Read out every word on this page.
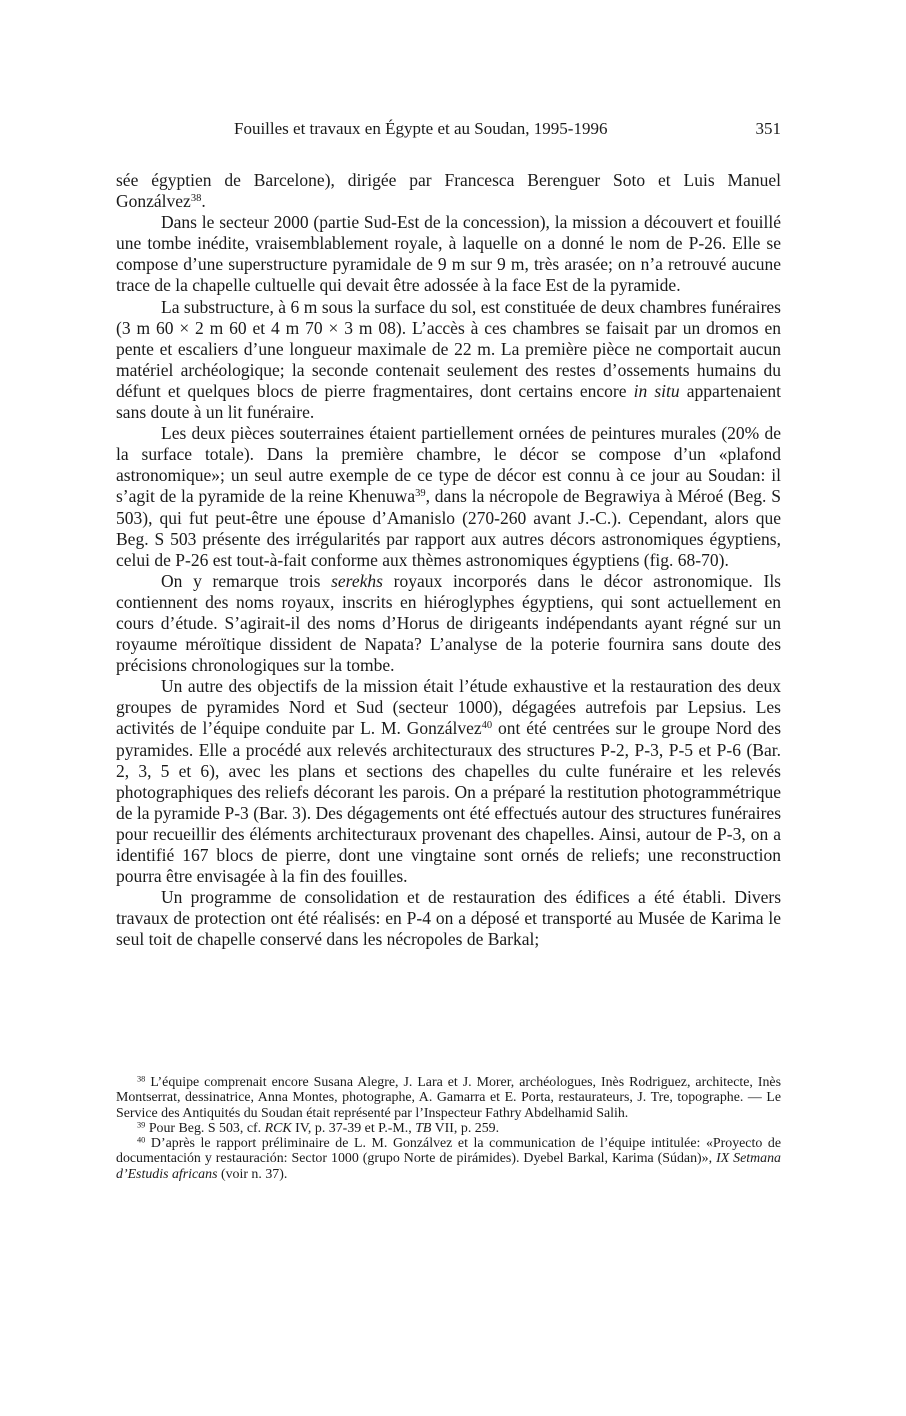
Fouilles et travaux en Égypte et au Soudan, 1995-1996	351

sée égyptien de Barcelone), dirigée par Francesca Berenguer Soto et Luis Manuel Gonzálvez$^{38}$.

Dans le secteur 2000 (partie Sud-Est de la concession), la mission a découvert et fouillé une tombe inédite, vraisemblablement royale, à laquelle on a donné le nom de P-26. Elle se compose d’une superstructure pyramidale de 9 m sur 9 m, très arasée; on n’a retrouvé aucune trace de la chapelle cultuelle qui devait être adossée à la face Est de la pyramide.

La substructure, à 6 m sous la surface du sol, est constituée de deux chambres funéraires (3 m 60 × 2 m 60 et 4 m 70 × 3 m 08). L’accès à ces chambres se faisait par un dromos en pente et escaliers d’une longueur maximale de 22 m. La première pièce ne comportait aucun matériel archéologique; la seconde contenait seulement des restes d’ossements humains du défunt et quelques blocs de pierre fragmentaires, dont certains encore in situ appartenaient sans doute à un lit funéraire.

Les deux pièces souterraines étaient partiellement ornées de peintures murales (20% de la surface totale). Dans la première chambre, le décor se compose d’un «plafond astronomique»; un seul autre exemple de ce type de décor est connu à ce jour au Soudan: il s’agit de la pyramide de la reine Khenuwa$^{39}$, dans la nécropole de Begrawiya à Méroé (Beg. S 503), qui fut peut-être une épouse d’Amanislo (270-260 avant J.-C.). Cependant, alors que Beg. S 503 présente des irrégularités par rapport aux autres décors astronomiques égyptiens, celui de P-26 est tout-à-fait conforme aux thèmes astronomiques égyptiens (fig. 68-70).

On y remarque trois serekhs royaux incorporés dans le décor astronomique. Ils contiennent des noms royaux, inscrits en hiéroglyphes égyptiens, qui sont actuellement en cours d’étude. S’agirait-il des noms d’Horus de dirigeants indépendants ayant régné sur un royaume méroïtique dissident de Napata? L’analyse de la poterie fournira sans doute des précisions chronologiques sur la tombe.

Un autre des objectifs de la mission était l’étude exhaustive et la restauration des deux groupes de pyramides Nord et Sud (secteur 1000), dégagées autrefois par Lepsius. Les activités de l’équipe conduite par L. M. Gonzálvez$^{40}$ ont été centrées sur le groupe Nord des pyramides. Elle a procédé aux relevés architecturaux des structures P-2, P-3, P-5 et P-6 (Bar. 2, 3, 5 et 6), avec les plans et sections des chapelles du culte funéraire et les relevés photographiques des reliefs décorant les parois. On a préparé la restitution photogrammétrique de la pyramide P-3 (Bar. 3). Des dégagements ont été effectués autour des structures funéraires pour recueillir des éléments architecturaux provenant des chapelles. Ainsi, autour de P-3, on a identifié 167 blocs de pierre, dont une vingtaine sont ornés de reliefs; une reconstruction pourra être envisagée à la fin des fouilles.

Un programme de consolidation et de restauration des édifices a été établi. Divers travaux de protection ont été réalisés: en P-4 on a déposé et transporté au Musée de Karima le seul toit de chapelle conservé dans les nécropoles de Barkal;

$^{38}$ L’équipe comprenait encore Susana Alegre, J. Lara et J. Morer, archéologues, Inès Rodriguez, architecte, Inès Montserrat, dessinatrice, Anna Montes, photographe, A. Gamarra et E. Porta, restaurateurs, J. Tre, topographe. — Le Service des Antiquités du Soudan était représenté par l’Inspecteur Fathry Abdelhamid Salih.

$^{39}$ Pour Beg. S 503, cf. RCK IV, p. 37-39 et P.-M., TB VII, p. 259.

$^{40}$ D’après le rapport préliminaire de L. M. Gonzálvez et la communication de l’équipe intitulée: «Proyecto de documentación y restauración: Sector 1000 (grupo Norte de pirámides). Dyebel Barkal, Karima (Súdan)», IX Setmana d’Estudis africans (voir n. 37).
